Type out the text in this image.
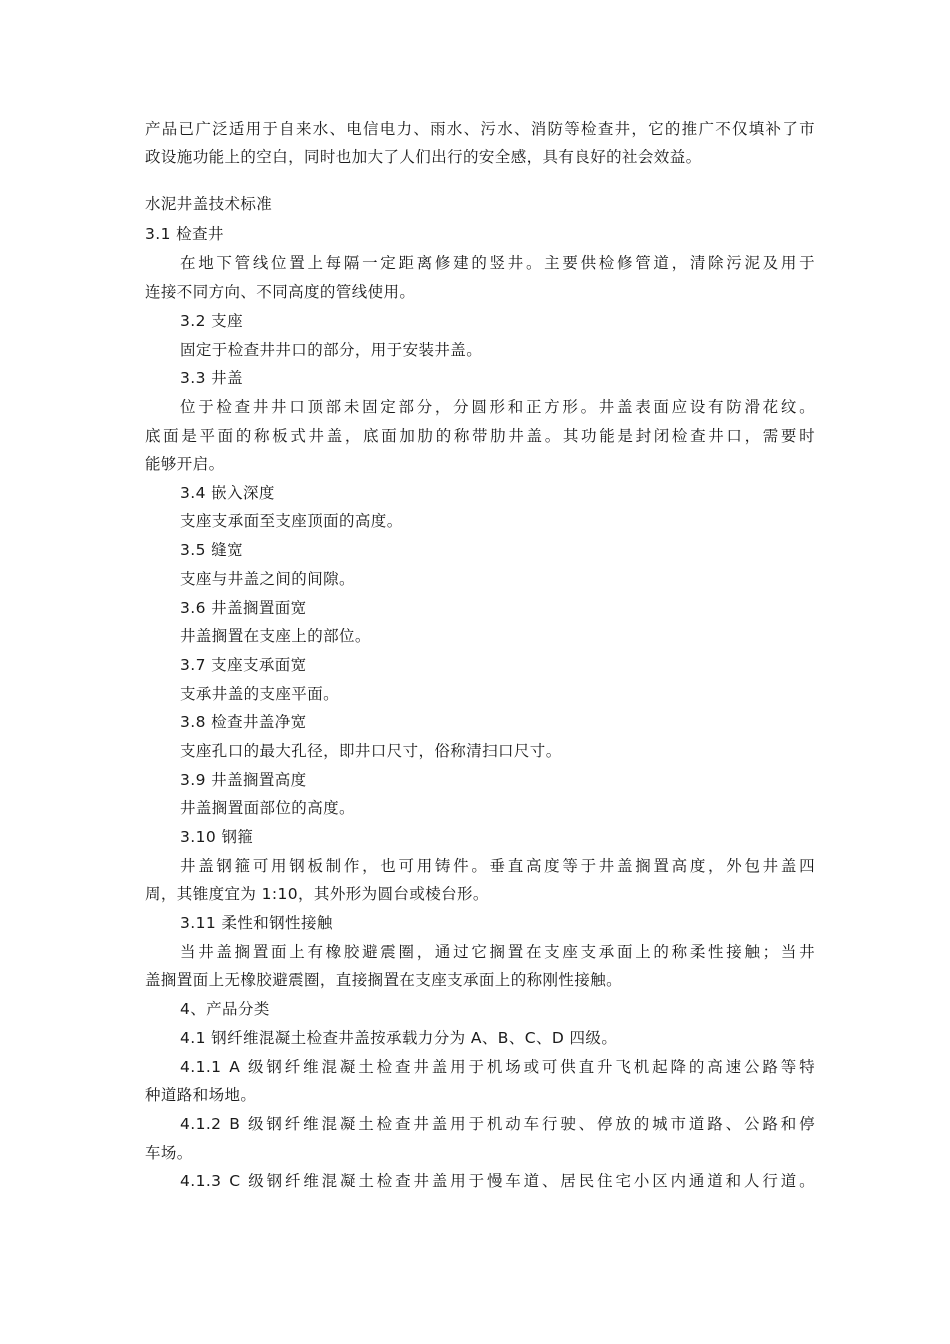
产品已广泛适用于自来水、电信电力、雨水、污水、消防等检查井，它的推广不仅填补了市
政设施功能上的空白，同时也加大了人们出行的安全感，具有良好的社会效益。
水泥井盖技术标准
3.1 检查井
在地下管线位置上每隔一定距离修建的竖井。主要供检修管道，清除污泥及用于
连接不同方向、不同高度的管线使用。
3.2 支座
固定于检查井井口的部分，用于安装井盖。
3.3 井盖
位于检查井井口顶部未固定部分，分圆形和正方形。井盖表面应设有防滑花纹。
底面是平面的称板式井盖，底面加肋的称带肋井盖。其功能是封闭检查井口，需要时
能够开启。
3.4 嵌入深度
支座支承面至支座顶面的高度。
3.5 缝宽
支座与井盖之间的间隙。
3.6 井盖搁置面宽
井盖搁置在支座上的部位。
3.7 支座支承面宽
支承井盖的支座平面。
3.8 检查井盖净宽
支座孔口的最大孔径，即井口尺寸，俗称清扫口尺寸。
3.9 井盖搁置高度
井盖搁置面部位的高度。
3.10 钢箍
井盖钢箍可用钢板制作，也可用铸件。垂直高度等于井盖搁置高度，外包井盖四
周，其锥度宜为 1:10，其外形为圆台或棱台形。
3.11 柔性和钢性接触
当井盖搁置面上有橡胶避震圈，通过它搁置在支座支承面上的称柔性接触；当井
盖搁置面上无橡胶避震圈，直接搁置在支座支承面上的称刚性接触。
4、产品分类
4.1 钢纤维混凝土检查井盖按承载力分为 A、B、C、D 四级。
4.1.1 A 级钢纤维混凝土检查井盖用于机场或可供直升飞机起降的高速公路等特
种道路和场地。
4.1.2 B 级钢纤维混凝土检查井盖用于机动车行驶、停放的城市道路、公路和停
车场。
4.1.3 C 级钢纤维混凝土检查井盖用于慢车道、居民住宅小区内通道和人行道。
